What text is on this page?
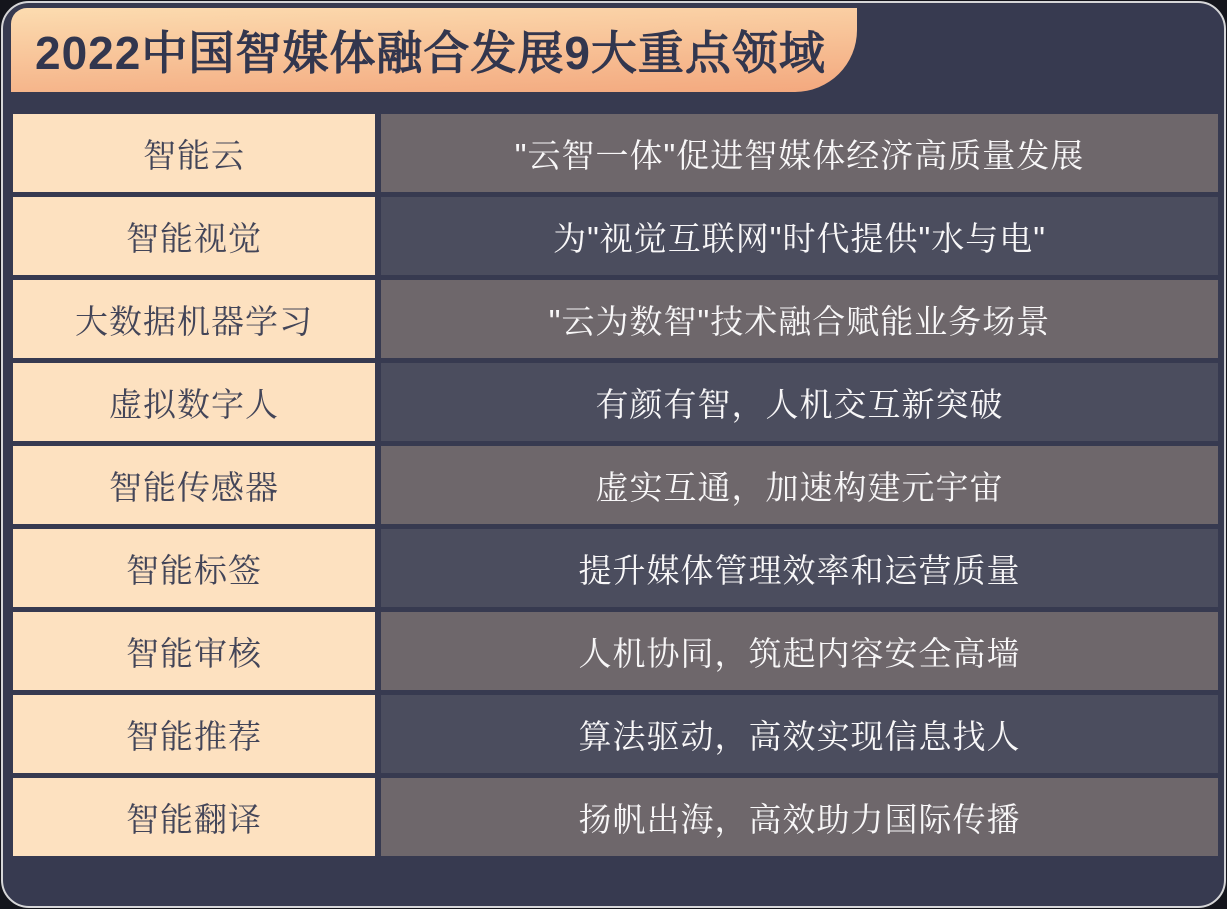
2022中国智媒体融合发展9大重点领域
智能云	"云智一体"促进智媒体经济高质量发展
智能视觉	为"视觉互联网"时代提供"水与电"
大数据机器学习	"云为数智"技术融合赋能业务场景
虚拟数字人	有颜有智，人机交互新突破
智能传感器	虚实互通，加速构建元宇宙
智能标签	提升媒体管理效率和运营质量
智能审核	人机协同，筑起内容安全高墙
智能推荐	算法驱动，高效实现信息找人
智能翻译	扬帆出海，高效助力国际传播
